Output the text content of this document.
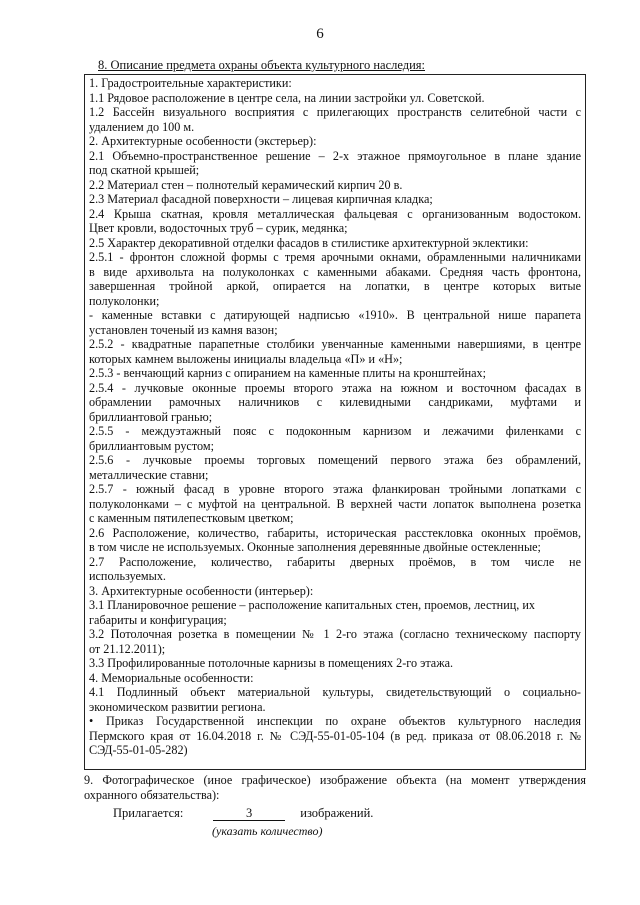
6
8. Описание предмета охраны объекта культурного наследия:
1. Градостроительные характеристики:
1.1 Рядовое расположение в центре села, на линии застройки ул. Советской.
1.2 Бассейн визуального восприятия с прилегающих пространств селитебной части с
удалением до 100 м.
2. Архитектурные особенности (экстерьер):
2.1 Объемно-пространственное решение – 2-х этажное прямоугольное в плане здание
под скатной крышей;
2.2 Материал стен – полнотелый керамический кирпич 20 в.
2.3 Материал фасадной поверхности – лицевая кирпичная кладка;
2.4 Крыша скатная, кровля металлическая фальцевая с организованным водостоком.
Цвет кровли, водосточных труб – сурик, медянка;
2.5 Характер декоративной отделки фасадов в стилистике архитектурной эклектики:
2.5.1 - фронтон сложной формы с тремя арочными окнами, обрамленными наличниками
в виде архивольта на полуколонках с каменными абаками. Средняя часть фронтона,
завершенная тройной аркой, опирается на лопатки, в центре которых витые
полуколонки;
- каменные вставки с датирующей надписью «1910». В центральной нише парапета
установлен точеный из камня вазон;
2.5.2 - квадратные парапетные столбики увенчанные каменными навершиями, в центре
которых камнем выложены инициалы владельца «П» и «Н»;
2.5.3 - венчающий карниз с опиранием на каменные плиты на кронштейнах;
2.5.4 - лучковые оконные проемы второго этажа на южном и восточном фасадах в
обрамлении рамочных наличников с килевидными сандриками, муфтами и
бриллиантовой гранью;
2.5.5 - междуэтажный пояс с подоконным карнизом и лежачими филенками с
бриллиантовым рустом;
2.5.6 - лучковые проемы торговых помещений первого этажа без обрамлений,
металлические ставни;
2.5.7 - южный фасад в уровне второго этажа фланкирован тройными лопатками с
полуколонками – с муфтой на центральной. В верхней части лопаток выполнена розетка
с каменным пятилепестковым цветком;
2.6 Расположение, количество, габариты, историческая расстекловка оконных проёмов,
в том числе не используемых. Оконные заполнения деревянные двойные остекленные;
2.7 Расположение, количество, габариты дверных проёмов, в том числе не
используемых.
3. Архитектурные особенности (интерьер):
3.1 Планировочное решение – расположение капитальных стен, проемов, лестниц, их
габариты и конфигурация;
3.2 Потолочная розетка в помещении № 1 2-го этажа (согласно техническому паспорту
от 21.12.2011);
3.3 Профилированные потолочные карнизы в помещениях 2-го этажа.
4. Мемориальные особенности:
4.1 Подлинный объект материальной культуры, свидетельствующий о социально-
экономическом развитии региона.
• Приказ Государственной инспекции по охране объектов культурного наследия
Пермского края от 16.04.2018 г. № СЭД-55-01-05-104 (в ред. приказа от 08.06.2018 г. №
СЭД-55-01-05-282)
9. Фотографическое (иное графическое) изображение объекта (на момент утверждения
охранного обязательства):
Прилагается:	3	изображений.
(указать количество)
